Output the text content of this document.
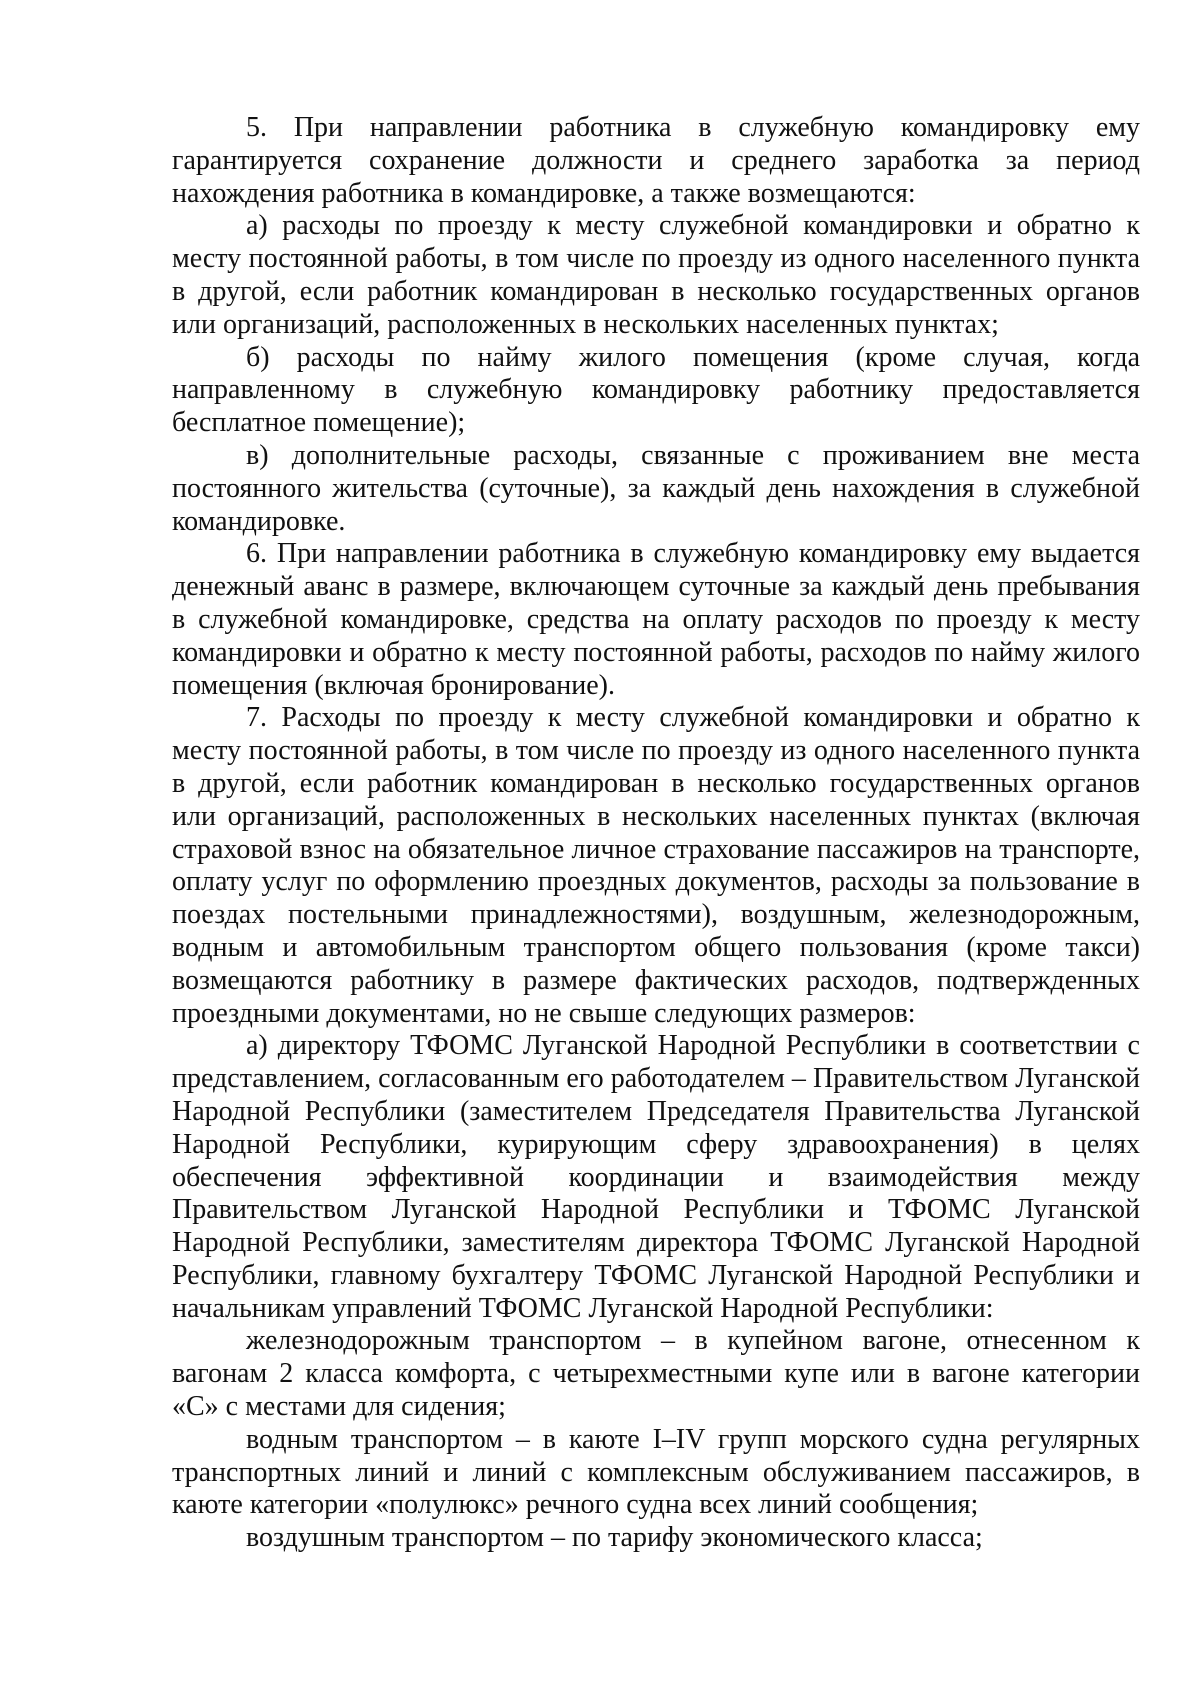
5. При направлении работника в служебную командировку ему гарантируется сохранение должности и среднего заработка за период нахождения работника в командировке, а также возмещаются:

а) расходы по проезду к месту служебной командировки и обратно к месту постоянной работы, в том числе по проезду из одного населенного пункта в другой, если работник командирован в несколько государственных органов или организаций, расположенных в нескольких населенных пунктах;

б) расходы по найму жилого помещения (кроме случая, когда направленному в служебную командировку работнику предоставляется бесплатное помещение);

в) дополнительные расходы, связанные с проживанием вне места постоянного жительства (суточные), за каждый день нахождения в служебной командировке.

6. При направлении работника в служебную командировку ему выдается денежный аванс в размере, включающем суточные за каждый день пребывания в служебной командировке, средства на оплату расходов по проезду к месту командировки и обратно к месту постоянной работы, расходов по найму жилого помещения (включая бронирование).

7. Расходы по проезду к месту служебной командировки и обратно к месту постоянной работы, в том числе по проезду из одного населенного пункта в другой, если работник командирован в несколько государственных органов или организаций, расположенных в нескольких населенных пунктах (включая страховой взнос на обязательное личное страхование пассажиров на транспорте, оплату услуг по оформлению проездных документов, расходы за пользование в поездах постельными принадлежностями), воздушным, железнодорожным, водным и автомобильным транспортом общего пользования (кроме такси) возмещаются работнику в размере фактических расходов, подтвержденных проездными документами, но не свыше следующих размеров:

а) директору ТФОМС Луганской Народной Республики в соответствии с представлением, согласованным его работодателем – Правительством Луганской Народной Республики (заместителем Председателя Правительства Луганской Народной Республики, курирующим сферу здравоохранения) в целях обеспечения эффективной координации и взаимодействия между Правительством Луганской Народной Республики и ТФОМС Луганской Народной Республики, заместителям директора ТФОМС Луганской Народной Республики, главному бухгалтеру ТФОМС Луганской Народной Республики и начальникам управлений ТФОМС Луганской Народной Республики:

железнодорожным транспортом – в купейном вагоне, отнесенном к вагонам 2 класса комфорта, с четырехместными купе или в вагоне категории «С» с местами для сидения;

водным транспортом – в каюте I–IV групп морского судна регулярных транспортных линий и линий с комплексным обслуживанием пассажиров, в каюте категории «полулюкс» речного судна всех линий сообщения;

воздушным транспортом – по тарифу экономического класса;
